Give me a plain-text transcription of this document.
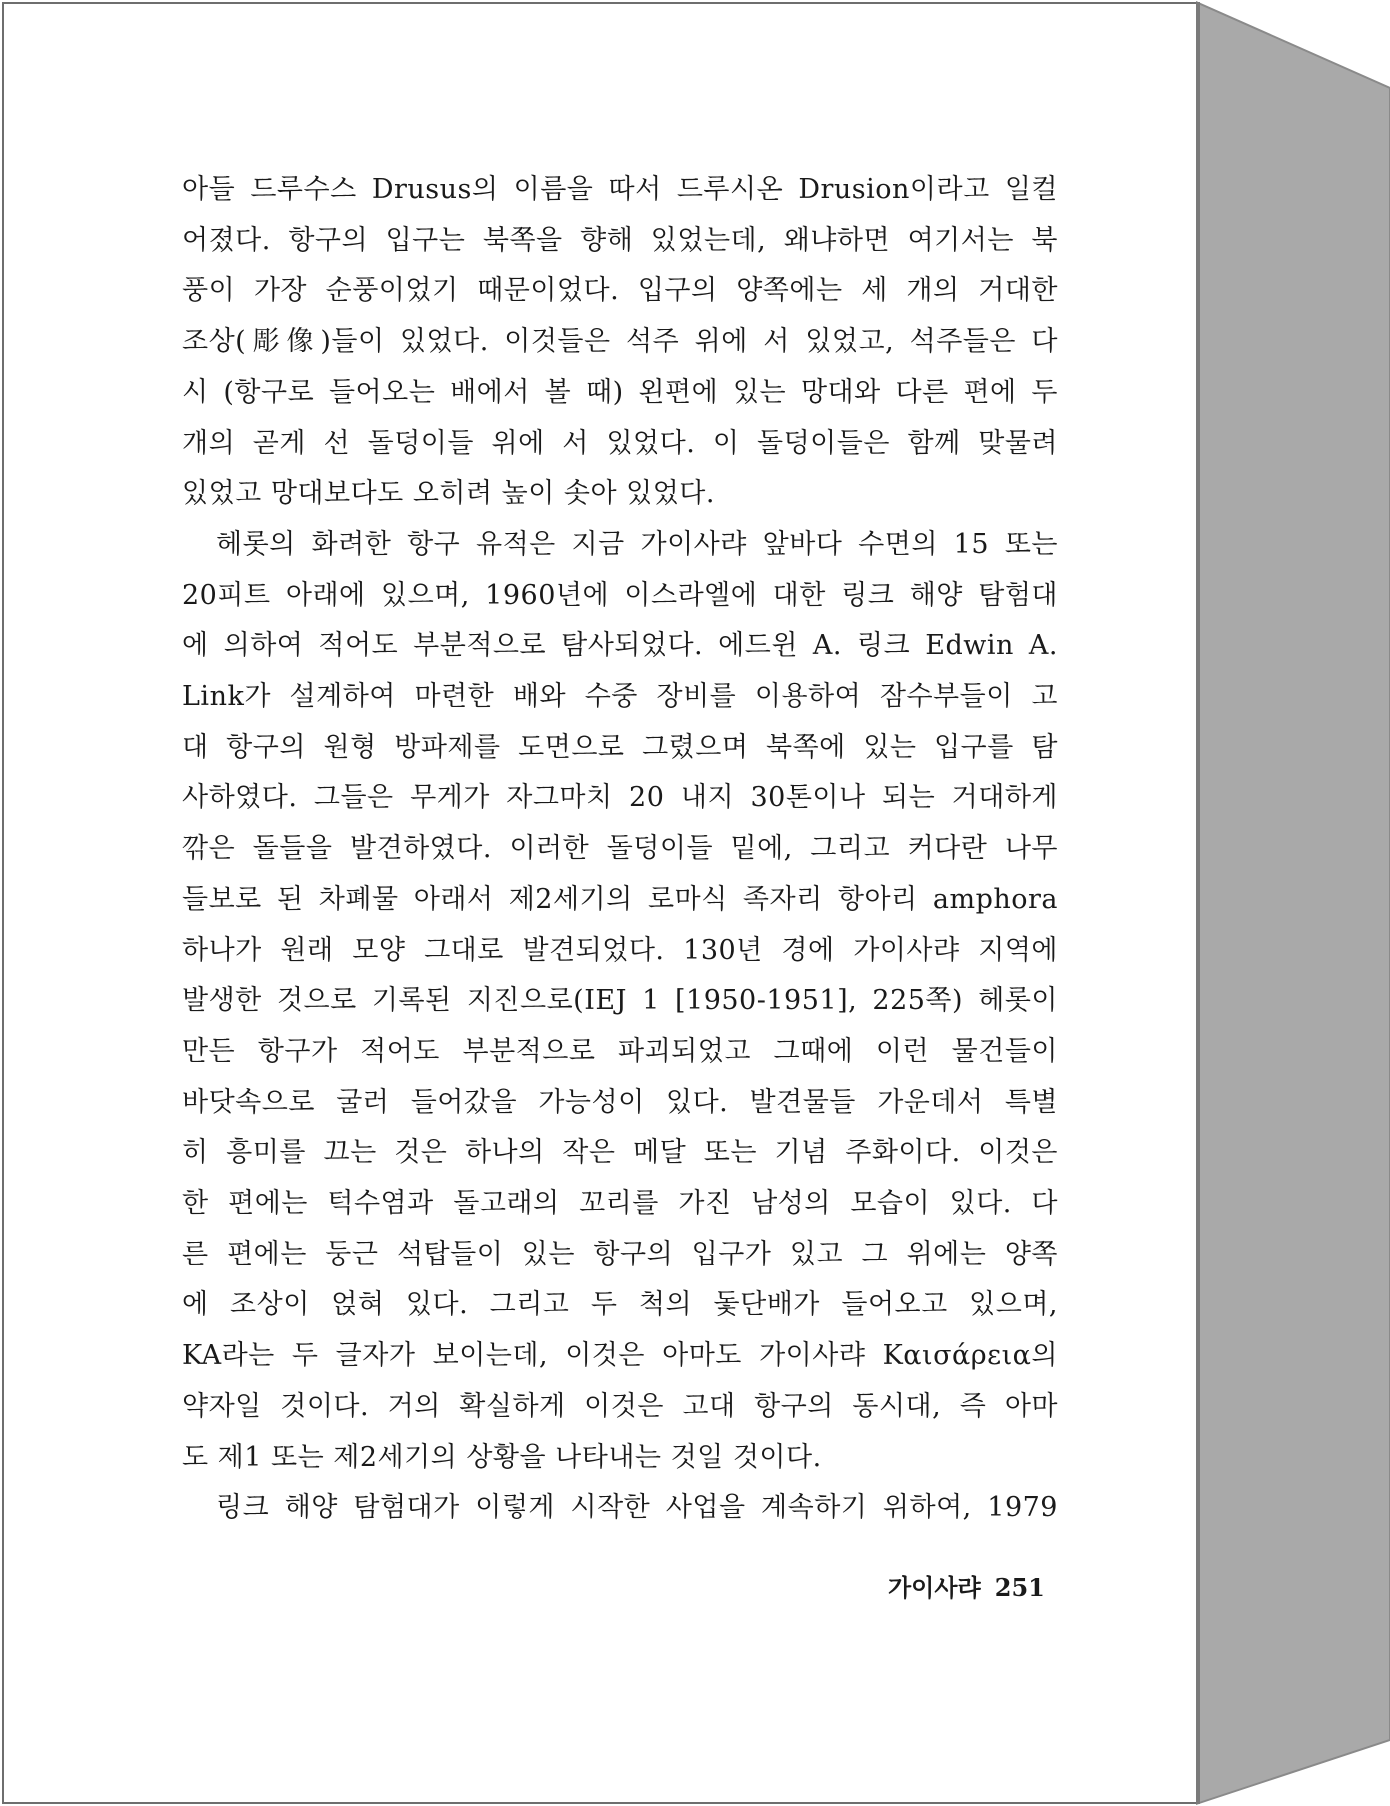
아들 드루수스 Drusus의 이름을 따서 드루시온 Drusion이라고 일컬
어졌다. 항구의 입구는 북쪽을 향해 있었는데, 왜냐하면 여기서는 북
풍이 가장 순풍이었기 때문이었다. 입구의 양쪽에는 세 개의 거대한
조상(彫像)들이 있었다. 이것들은 석주 위에 서 있었고, 석주들은 다
시 (항구로 들어오는 배에서 볼 때) 왼편에 있는 망대와 다른 편에 두
개의 곧게 선 돌덩이들 위에 서 있었다. 이 돌덩이들은 함께 맞물려
있었고 망대보다도 오히려 높이 솟아 있었다.

헤롯의 화려한 항구 유적은 지금 가이사랴 앞바다 수면의 15 또는
20피트 아래에 있으며, 1960년에 이스라엘에 대한 링크 해양 탐험대
에 의하여 적어도 부분적으로 탐사되었다. 에드윈 A. 링크 Edwin A.
Link가 설계하여 마련한 배와 수중 장비를 이용하여 잠수부들이 고
대 항구의 원형 방파제를 도면으로 그렸으며 북쪽에 있는 입구를 탐
사하였다. 그들은 무게가 자그마치 20 내지 30톤이나 되는 거대하게
깎은 돌들을 발견하였다. 이러한 돌덩이들 밑에, 그리고 커다란 나무
들보로 된 차폐물 아래서 제2세기의 로마식 족자리 항아리 amphora
하나가 원래 모양 그대로 발견되었다. 130년 경에 가이사랴 지역에
발생한 것으로 기록된 지진으로(IEJ 1 [1950-1951], 225쪽) 헤롯이
만든 항구가 적어도 부분적으로 파괴되었고 그때에 이런 물건들이
바닷속으로 굴러 들어갔을 가능성이 있다. 발견물들 가운데서 특별
히 흥미를 끄는 것은 하나의 작은 메달 또는 기념 주화이다. 이것은
한 편에는 턱수염과 돌고래의 꼬리를 가진 남성의 모습이 있다. 다
른 편에는 둥근 석탑들이 있는 항구의 입구가 있고 그 위에는 양쪽
에 조상이 얹혀 있다. 그리고 두 척의 돛단배가 들어오고 있으며,
KA라는 두 글자가 보이는데, 이것은 아마도 가이사랴 Καισάρεια의
약자일 것이다. 거의 확실하게 이것은 고대 항구의 동시대, 즉 아마
도 제1 또는 제2세기의 상황을 나타내는 것일 것이다.

링크 해양 탐험대가 이렇게 시작한 사업을 계속하기 위하여, 1979

가이사랴 251
